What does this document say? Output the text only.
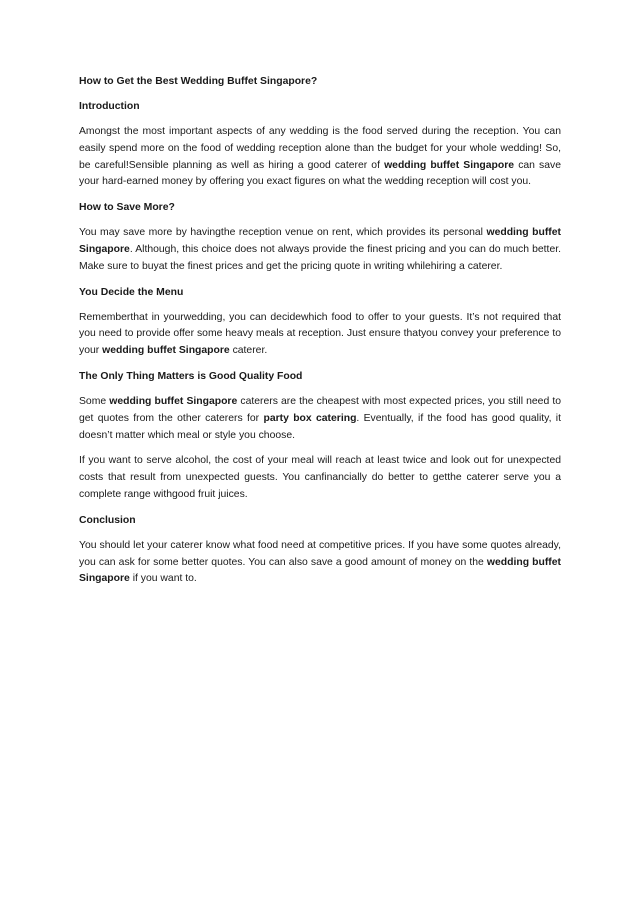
How to Get the Best Wedding Buffet Singapore?
Introduction
Amongst the most important aspects of any wedding is the food served during the reception. You can easily spend more on the food of wedding reception alone than the budget for your whole wedding! So, be careful!Sensible planning as well as hiring a good caterer of wedding buffet Singapore can save your hard-earned money by offering you exact figures on what the wedding reception will cost you.
How to Save More?
You may save more by havingthe reception venue on rent, which provides its personal wedding buffet Singapore. Although, this choice does not always provide the finest pricing and you can do much better. Make sure to buyat the finest prices and get the pricing quote in writing whilehiring a caterer.
You Decide the Menu
Rememberthat in yourwedding, you can decidewhich food to offer to your guests. It’s not required that you need to provide offer some heavy meals at reception. Just ensure thatyou convey your preference to your wedding buffet Singapore caterer.
The Only Thing Matters is Good Quality Food
Some wedding buffet Singapore caterers are the cheapest with most expected prices, you still need to get quotes from the other caterers for party box catering. Eventually, if the food has good quality, it doesn’t matter which meal or style you choose.
If you want to serve alcohol, the cost of your meal will reach at least twice and look out for unexpected costs that result from unexpected guests. You canfinancially do better to getthe caterer serve you a complete range withgood fruit juices.
Conclusion
You should let your caterer know what food need at competitive prices. If you have some quotes already, you can ask for some better quotes. You can also save a good amount of money on the wedding buffet Singapore if you want to.
